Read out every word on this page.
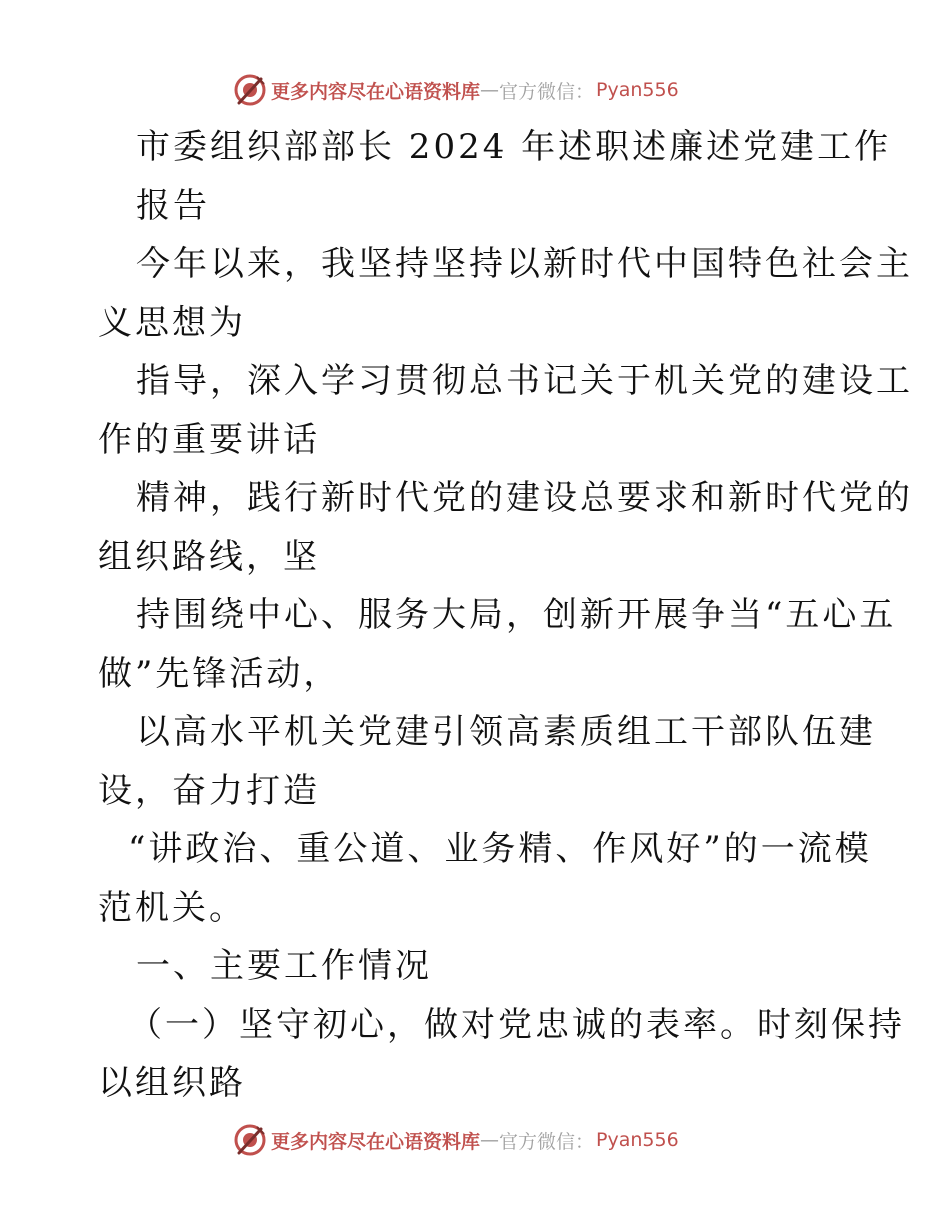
更多内容尽在心语资料库 — 官方微信： Pyan556
市委组织部部长 2024 年述职述廉述党建工作
报告
今年以来，我坚持坚持以新时代中国特色社会主
义思想为
指导，深入学习贯彻总书记关于机关党的建设工
作的重要讲话
精神，践行新时代党的建设总要求和新时代党的
组织路线，坚
持围绕中心、服务大局，创新开展争当“五心五
做”先锋活动，
以高水平机关党建引领高素质组工干部队伍建
设，奋力打造
“讲政治、重公道、业务精、作风好”的一流模
范机关。
一、主要工作情况
（一）坚守初心，做对党忠诚的表率。时刻保持
以组织路
更多内容尽在心语资料库 — 官方微信： Pyan556
